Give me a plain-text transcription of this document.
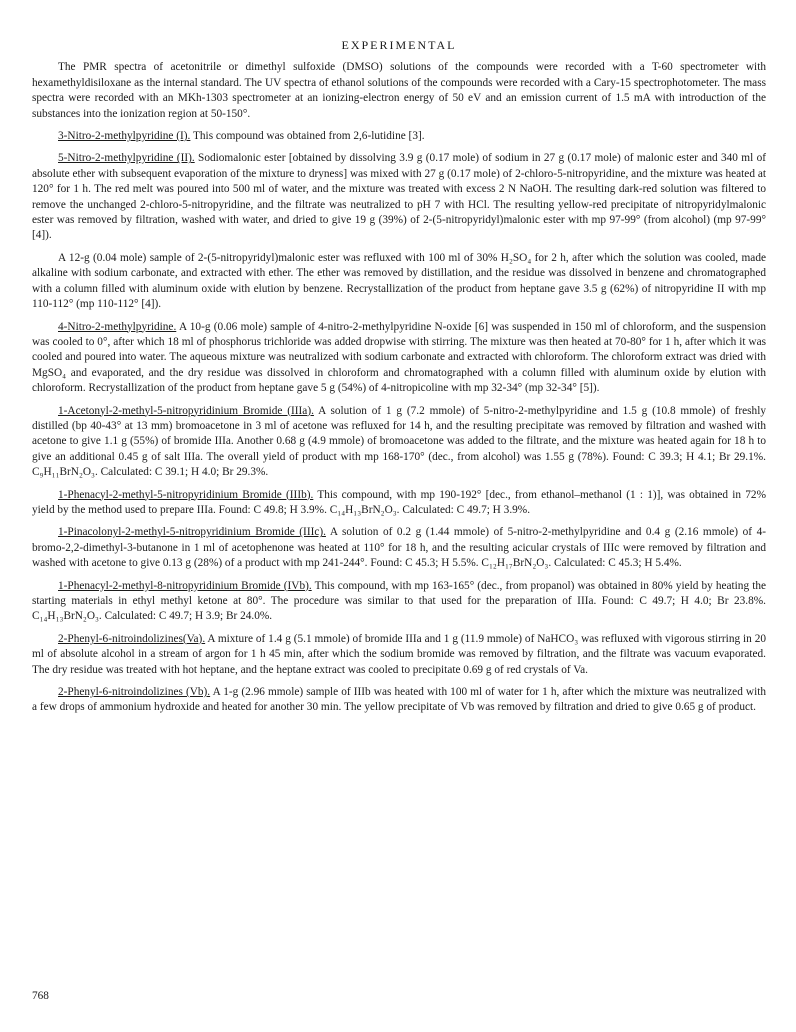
EXPERIMENTAL

The PMR spectra of acetonitrile or dimethyl sulfoxide (DMSO) solutions of the compounds were recorded with a T-60 spectrometer with hexamethyldisiloxane as the internal standard. The UV spectra of ethanol solutions of the compounds were recorded with a Cary-15 spectrophotometer. The mass spectra were recorded with an MKh-1303 spectrometer at an ionizing-electron energy of 50 eV and an emission current of 1.5 mA with introduction of the substances into the ionization region at 50-150°.

3-Nitro-2-methylpyridine (I). This compound was obtained from 2,6-lutidine [3].

5-Nitro-2-methylpyridine (II). Sodiomalonic ester [obtained by dissolving 3.9 g (0.17 mole) of sodium in 27 g (0.17 mole) of malonic ester and 340 ml of absolute ether with subsequent evaporation of the mixture to dryness] was mixed with 27 g (0.17 mole) of 2-chloro-5-nitropyridine, and the mixture was heated at 120° for 1 h. The red melt was poured into 500 ml of water, and the mixture was treated with excess 2 N NaOH. The resulting dark-red solution was filtered to remove the unchanged 2-chloro-5-nitropyridine, and the filtrate was neutralized to pH 7 with HCl. The resulting yellow-red precipitate of nitropyridylmalonic ester was removed by filtration, washed with water, and dried to give 19 g (39%) of 2-(5-nitropyridyl)malonic ester with mp 97-99° (from alcohol) (mp 97-99° [4]).

A 12-g (0.04 mole) sample of 2-(5-nitropyridyl)malonic ester was refluxed with 100 ml of 30% H₂SO₄ for 2 h, after which the solution was cooled, made alkaline with sodium carbonate, and extracted with ether. The ether was removed by distillation, and the residue was dissolved in benzene and chromatographed with a column filled with aluminum oxide with elution by benzene. Recrystallization of the product from heptane gave 3.5 g (62%) of nitropyridine II with mp 110-112° (mp 110-112° [4]).

4-Nitro-2-methylpyridine. A 10-g (0.06 mole) sample of 4-nitro-2-methylpyridine N-oxide [6] was suspended in 150 ml of chloroform, and the suspension was cooled to 0°, after which 18 ml of phosphorus trichloride was added dropwise with stirring. The mixture was then heated at 70-80° for 1 h, after which it was cooled and poured into water. The aqueous mixture was neutralized with sodium carbonate and extracted with chloroform. The chloroform extract was dried with MgSO₄ and evaporated, and the dry residue was dissolved in chloroform and chromatographed with a column filled with aluminum oxide by elution with chloroform. Recrystallization of the product from heptane gave 5 g (54%) of 4-nitropicoline with mp 32-34° (mp 32-34° [5]).

1-Acetonyl-2-methyl-5-nitropyridinium Bromide (IIIa). A solution of 1 g (7.2 mmole) of 5-nitro-2-methylpyridine and 1.5 g (10.8 mmole) of freshly distilled (bp 40-43° at 13 mm) bromoacetone in 3 ml of acetone was refluxed for 14 h, and the resulting precipitate was removed by filtration and washed with acetone to give 1.1 g (55%) of bromide IIIa. Another 0.68 g (4.9 mmole) of bromoacetone was added to the filtrate, and the mixture was heated again for 18 h to give an additional 0.45 g of salt IIIa. The overall yield of product with mp 168-170° (dec., from alcohol) was 1.55 g (78%). Found: C 39.3; H 4.1; Br 29.1%. C₉H₁₁BrN₂O₃. Calculated: C 39.1; H 4.0; Br 29.3%.

1-Phenacyl-2-methyl-5-nitropyridinium Bromide (IIIb). This compound, with mp 190-192° [dec., from ethanol–methanol (1 : 1)], was obtained in 72% yield by the method used to prepare IIIa. Found: C 49.8; H 3.9%. C₁₄H₁₃BrN₂O₃. Calculated: C 49.7; H 3.9%.

1-Pinacolonyl-2-methyl-5-nitropyridinium Bromide (IIIc). A solution of 0.2 g (1.44 mmole) of 5-nitro-2-methylpyridine and 0.4 g (2.16 mmole) of 4-bromo-2,2-dimethyl-3-butanone in 1 ml of acetophenone was heated at 110° for 18 h, and the resulting acicular crystals of IIIc were removed by filtration and washed with acetone to give 0.13 g (28%) of a product with mp 241-244°. Found: C 45.3; H 5.5%. C₁₂H₁₇BrN₂O₃. Calculated: C 45.3; H 5.4%.

1-Phenacyl-2-methyl-8-nitropyridinium Bromide (IVb). This compound, with mp 163-165° (dec., from propanol) was obtained in 80% yield by heating the starting materials in ethyl methyl ketone at 80°. The procedure was similar to that used for the preparation of IIIa. Found: C 49.7; H 4.0; Br 23.8%. C₁₄H₁₃BrN₂O₃. Calculated: C 49.7; H 3.9; Br 24.0%.

2-Phenyl-6-nitroindolizines(Va). A mixture of 1.4 g (5.1 mmole) of bromide IIIa and 1 g (11.9 mmole) of NaHCO₃ was refluxed with vigorous stirring in 20 ml of absolute alcohol in a stream of argon for 1 h 45 min, after which the sodium bromide was removed by filtration, and the filtrate was vacuum evaporated. The dry residue was treated with hot heptane, and the heptane extract was cooled to precipitate 0.69 g of red crystals of Va.

2-Phenyl-6-nitroindolizines (Vb). A 1-g (2.96 mmole) sample of IIIb was heated with 100 ml of water for 1 h, after which the mixture was neutralized with a few drops of ammonium hydroxide and heated for another 30 min. The yellow precipitate of Vb was removed by filtration and dried to give 0.65 g of product.

768
